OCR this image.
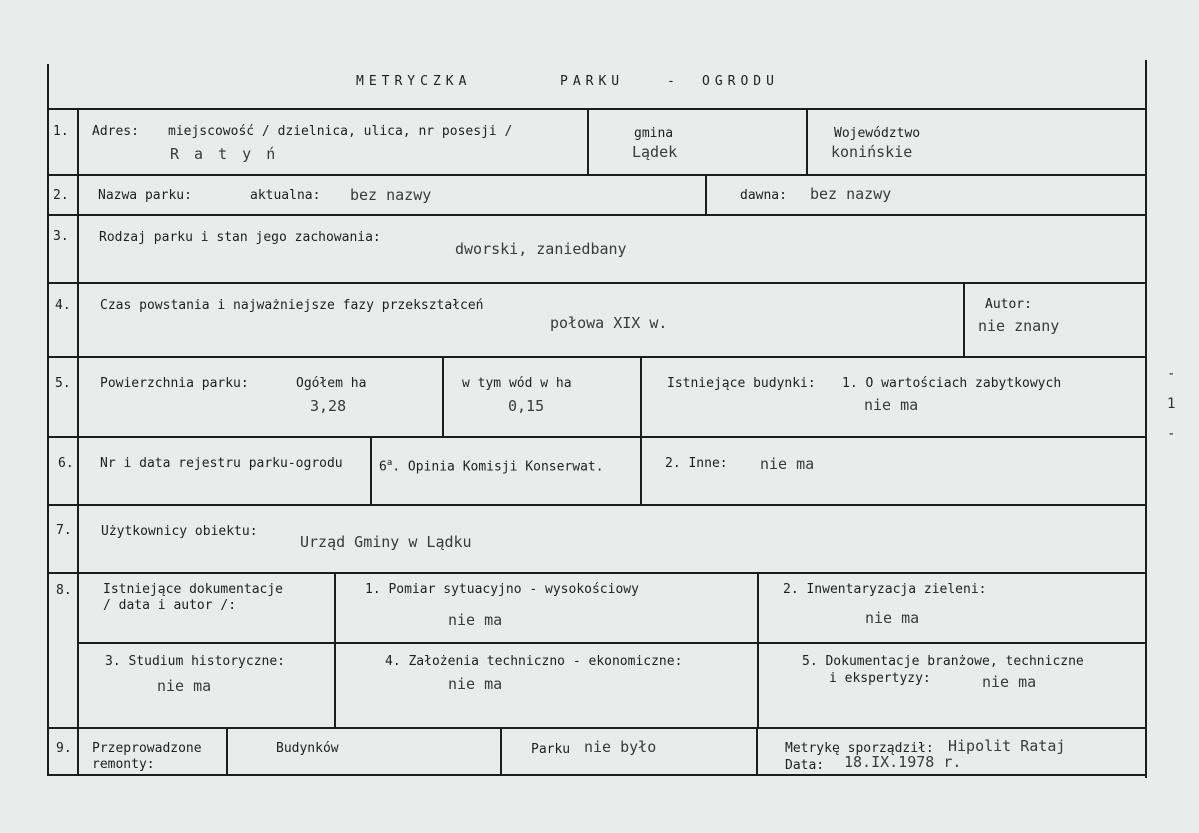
METRYCZKA	PARKU	- OGRODU
1. Adres: miejscowość / dzielnica, ulica, nr posesji /
R a t y ń
gmina
Lądek
Województwo
konińskie
2. Nazwa parku:	aktualna: bez nazwy	dawna: bez nazwy
3. Rodzaj parku i stan jego zachowania:
dworski, zaniedbany
4. Czas powstania i najważniejsze fazy przekształceń
połowa XIX w.
Autor:
nie znany
5. Powierzchnia parku:	Ogółem ha
3,28
w tym wód w ha
0,15
Istniejące budynki: 1. O wartościach zabytkowych
nie ma
6. Nr i data rejestru parku-ogrodu	6$^a$. Opinia Komisji Konserwat.	2. Inne: nie ma
7. Użytkownicy obiektu:
Urząd Gminy w Lądku
8. Istniejące dokumentacje
/ data i autor /:
1. Pomiar sytuacyjno - wysokościowy
nie ma
2. Inwentaryzacja zieleni:
nie ma
3. Studium historyczne:
nie ma
4. Założenia techniczno - ekonomiczne:
nie ma
5. Dokumentacje branżowe, techniczne
i ekspertyzy:	nie ma
9. Przeprowadzone
remonty:
Budynków	Parku nie było	Metrykę sporządził: Hipolit Rataj
Data: 18.IX.1978 r.
-
1
-
